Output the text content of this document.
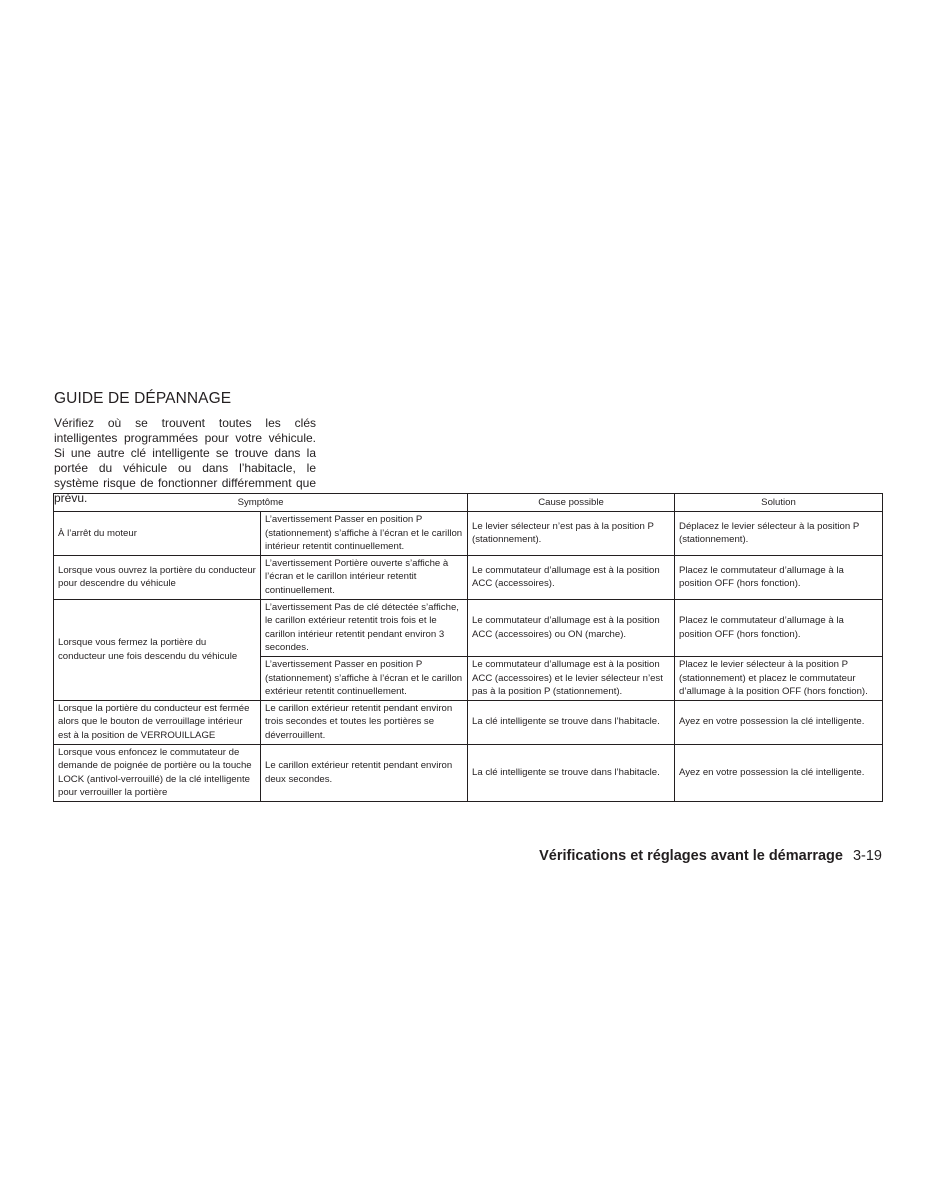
GUIDE DE DÉPANNAGE

Vérifiez où se trouvent toutes les clés intelligentes programmées pour votre véhicule. Si une autre clé intelligente se trouve dans la portée du véhicule ou dans l’habitacle, le système risque de fonctionner différemment que prévu.	Symptôme		Cause possible	Solution
À l’arrêt du moteur	L’avertissement Passer en position P (stationnement) s’affiche à l’écran et le carillon intérieur retentit continuellement.	Le levier sélecteur n’est pas à la position P (stationnement).	Déplacez le levier sélecteur à la position P (stationnement).
Lorsque vous ouvrez la portière du conducteur pour descendre du véhicule	L’avertissement Portière ouverte s’affiche à l’écran et le carillon intérieur retentit continuellement.	Le commutateur d’allumage est à la position ACC (accessoires).	Placez le commutateur d’allumage à la position OFF (hors fonction).
Lorsque vous fermez la portière du conducteur une fois descendu du véhicule	L’avertissement Pas de clé détectée s’affiche, le carillon extérieur retentit trois fois et le carillon intérieur retentit pendant environ 3 secondes.	Le commutateur d’allumage est à la position ACC (accessoires) ou ON (marche).	Placez le commutateur d’allumage à la position OFF (hors fonction).
	L’avertissement Passer en position P (stationnement) s’affiche à l’écran et le carillon extérieur retentit continuellement.	Le commutateur d’allumage est à la position ACC (accessoires) et le levier sélecteur n’est pas à la position P (stationnement).	Placez le levier sélecteur à la position P (stationnement) et placez le commutateur d’allumage à la position OFF (hors fonction).
Lorsque la portière du conducteur est fermée alors que le bouton de verrouillage intérieur est à la position de VERROUILLAGE	Le carillon extérieur retentit pendant environ trois secondes et toutes les portières se déverrouillent.	La clé intelligente se trouve dans l’habitacle.	Ayez en votre possession la clé intelligente.
Lorsque vous enfoncez le commutateur de demande de poignée de portière ou la touche LOCK (antivol-verrouillé) de la clé intelligente pour verrouiller la portière	Le carillon extérieur retentit pendant environ deux secondes.	La clé intelligente se trouve dans l’habitacle.	Ayez en votre possession la clé intelligente.
Vérifications et réglages avant le démarrage 3-19
